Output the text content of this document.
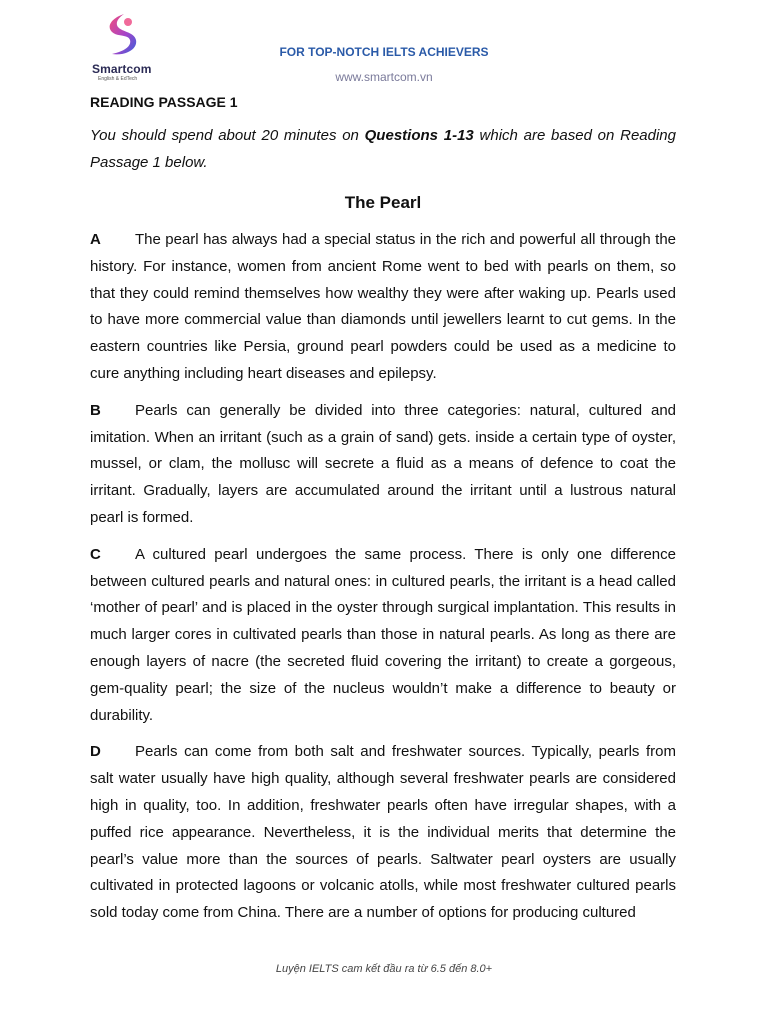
Smartcom
English & EdTech
FOR TOP-NOTCH IELTS ACHIEVERS
www.smartcom.vn

READING PASSAGE 1

You should spend about 20 minutes on Questions 1-13 which are based on Reading Passage 1 below.

The Pearl

A The pearl has always had a special status in the rich and powerful all through the history. For instance, women from ancient Rome went to bed with pearls on them, so that they could remind themselves how wealthy they were after waking up. Pearls used to have more commercial value than diamonds until jewellers learnt to cut gems. In the eastern countries like Persia, ground pearl powders could be used as a medicine to cure anything including heart diseases and epilepsy.

B Pearls can generally be divided into three categories: natural, cultured and imitation. When an irritant (such as a grain of sand) gets. inside a certain type of oyster, mussel, or clam, the mollusc will secrete a fluid as a means of defence to coat the irritant. Gradually, layers are accumulated around the irritant until a lustrous natural pearl is formed.

C A cultured pearl undergoes the same process. There is only one difference between cultured pearls and natural ones: in cultured pearls, the irritant is a head called ‘mother of pearl’ and is placed in the oyster through surgical implantation. This results in much larger cores in cultivated pearls than those in natural pearls. As long as there are enough layers of nacre (the secreted fluid covering the irritant) to create a gorgeous, gem-quality pearl; the size of the nucleus wouldn’t make a difference to beauty or durability.

D Pearls can come from both salt and freshwater sources. Typically, pearls from salt water usually have high quality, although several freshwater pearls are considered high in quality, too. In addition, freshwater pearls often have irregular shapes, with a puffed rice appearance. Nevertheless, it is the individual merits that determine the pearl’s value more than the sources of pearls. Saltwater pearl oysters are usually cultivated in protected lagoons or volcanic atolls, while most freshwater cultured pearls sold today come from China. There are a number of options for producing cultured

Luyện IELTS cam kết đầu ra từ 6.5 đến 8.0+
